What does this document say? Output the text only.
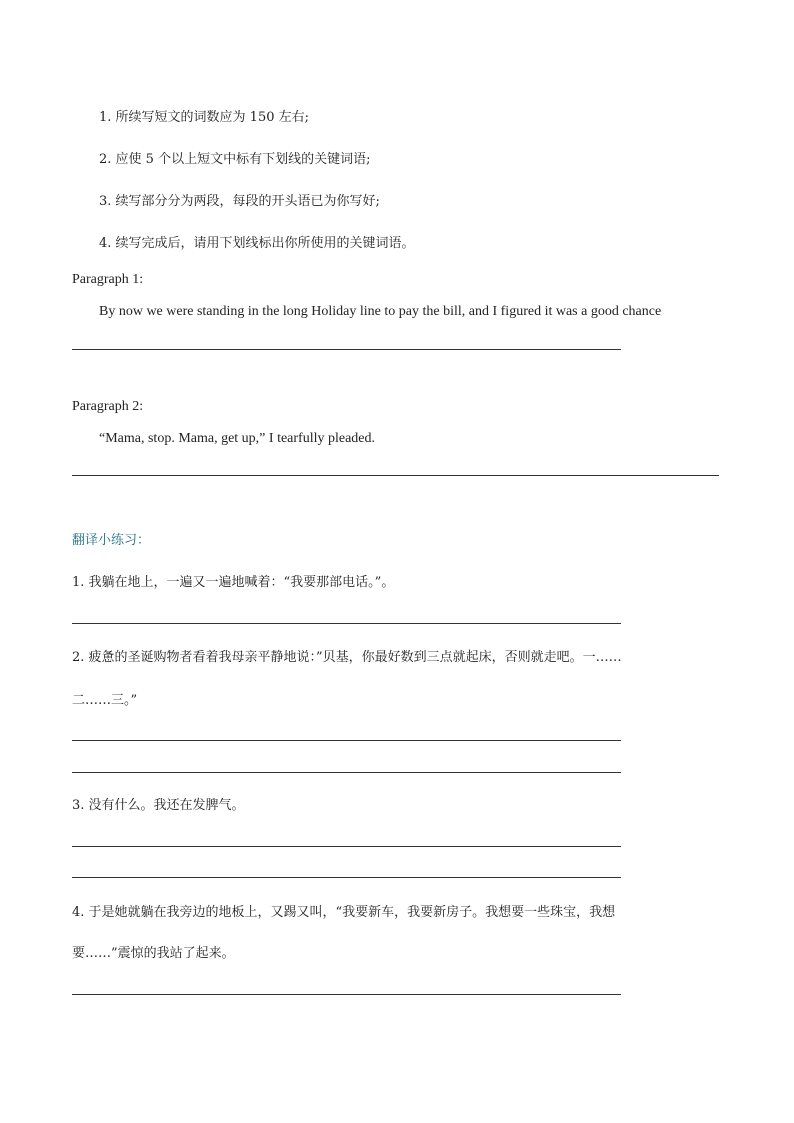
1. 所续写短文的词数应为 150 左右;
2. 应使 5 个以上短文中标有下划线的关键词语;
3. 续写部分分为两段，每段的开头语已为你写好;
4. 续写完成后，请用下划线标出你所使用的关键词语。
Paragraph 1:
By now we were standing in the long Holiday line to pay the bill, and I figured it was a good chance
Paragraph 2:
“Mama, stop. Mama, get up,” I tearfully pleaded.
翻译小练习：
1. 我躺在地上，一遍又一遍地喊着：“我要那部电话。”。
2. 疲惫的圣诞购物者看着我母亲平静地说：”贝基，你最好数到三点就起床，否则就走吧。一……
二……三。”
3. 没有什么。我还在发脾气。
4. 于是她就躺在我旁边的地板上，又踢又叫，“我要新车，我要新房子。我想要一些珠宝，我想
要……”震惊的我站了起来。
